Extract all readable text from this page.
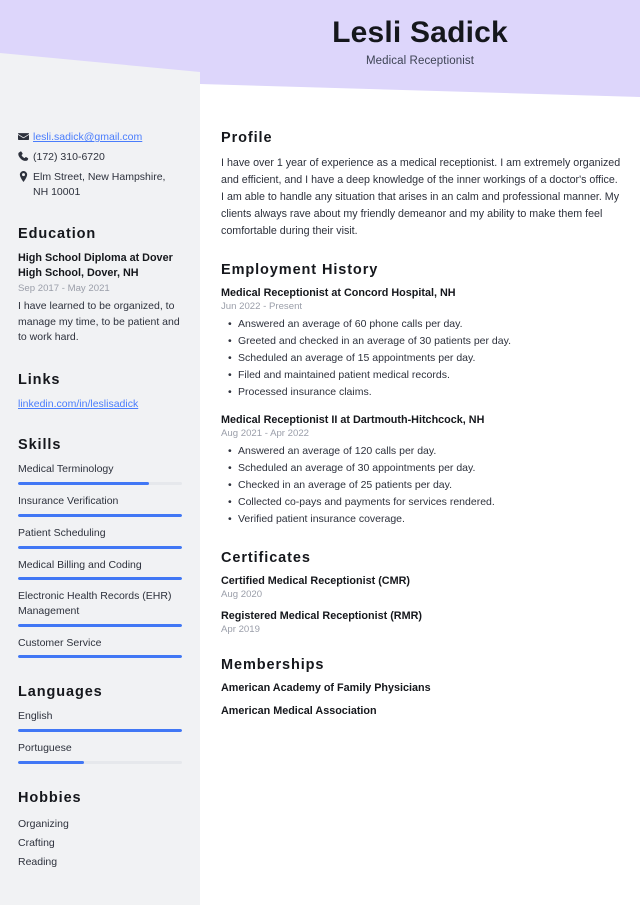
Lesli Sadick
Medical Receptionist
lesli.sadick@gmail.com
(172) 310-6720
Elm Street, New Hampshire, NH 10001
Education
High School Diploma at Dover High School, Dover, NH
Sep 2017 - May 2021
I have learned to be organized, to manage my time, to be patient and to work hard.
Links
linkedin.com/in/leslisadick
Skills
Medical Terminology
Insurance Verification
Patient Scheduling
Medical Billing and Coding
Electronic Health Records (EHR) Management
Customer Service
Languages
English
Portuguese
Hobbies
Organizing
Crafting
Reading
Profile
I have over 1 year of experience as a medical receptionist. I am extremely organized and efficient, and I have a deep knowledge of the inner workings of a doctor's office. I am able to handle any situation that arises in an calm and professional manner. My clients always rave about my friendly demeanor and my ability to make them feel comfortable during their visit.
Employment History
Medical Receptionist at Concord Hospital, NH
Jun 2022 - Present
• Answered an average of 60 phone calls per day.
• Greeted and checked in an average of 30 patients per day.
• Scheduled an average of 15 appointments per day.
• Filed and maintained patient medical records.
• Processed insurance claims.
Medical Receptionist II at Dartmouth-Hitchcock, NH
Aug 2021 - Apr 2022
• Answered an average of 120 calls per day.
• Scheduled an average of 30 appointments per day.
• Checked in an average of 25 patients per day.
• Collected co-pays and payments for services rendered.
• Verified patient insurance coverage.
Certificates
Certified Medical Receptionist (CMR)
Aug 2020
Registered Medical Receptionist (RMR)
Apr 2019
Memberships
American Academy of Family Physicians
American Medical Association
